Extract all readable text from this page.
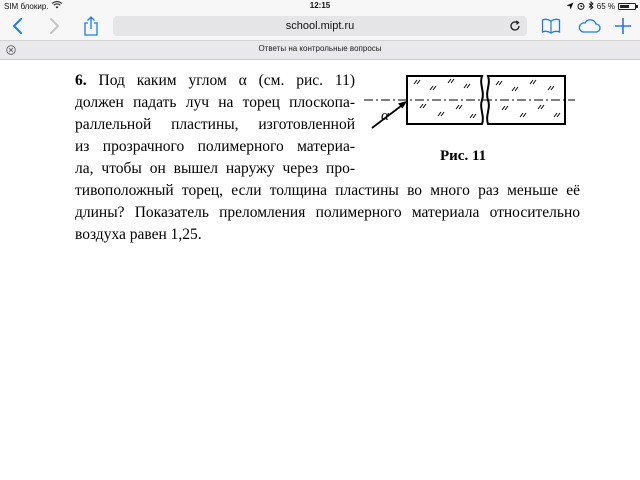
SIM блокир.	12:15	65 %
school.mipt.ru
Ответы на контрольные вопросы
6. Под каким углом α (см. рис. 11)
должен падать луч на торец плоскопа-
раллельной пластины, изготовленной
из прозрачного полимерного материа-
ла, чтобы он вышел наружу через про-
тивоположный торец, если толщина пластины во много раз меньше её
длины? Показатель преломления полимерного материала относительно
воздуха равен 1,25.
α
Рис. 11
